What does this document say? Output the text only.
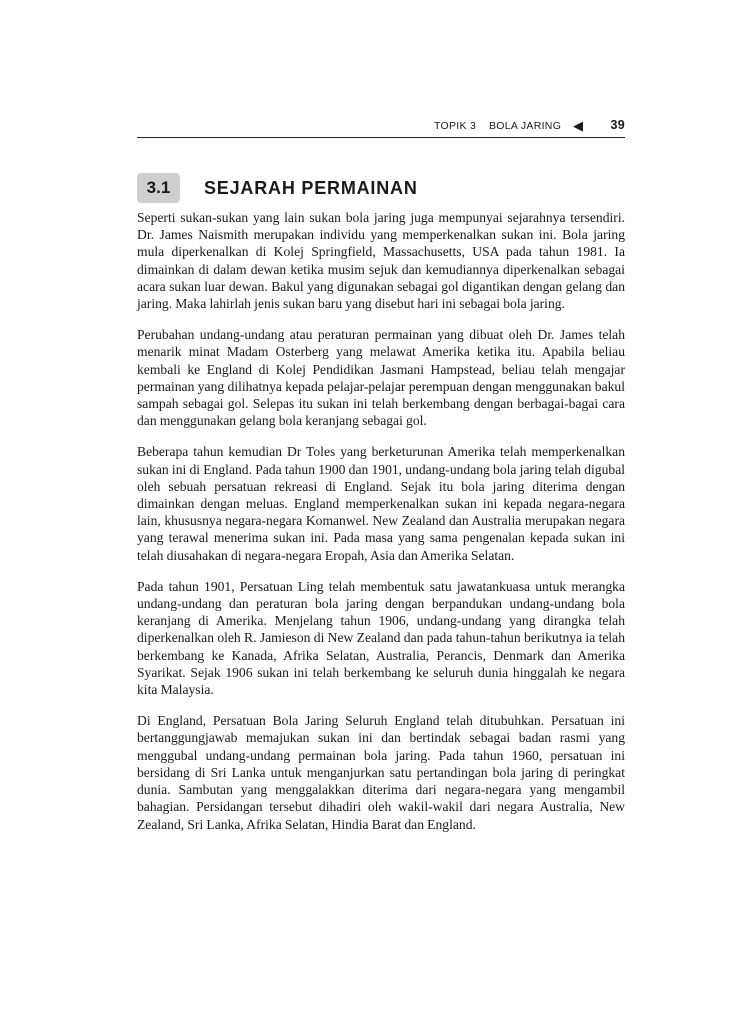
TOPIK 3 BOLA JARING ◀ 39
3.1	SEJARAH PERMAINAN

Seperti sukan-sukan yang lain sukan bola jaring juga mempunyai sejarahnya tersendiri. Dr. James Naismith merupakan individu yang memperkenalkan sukan ini. Bola jaring mula diperkenalkan di Kolej Springfield, Massachusetts, USA pada tahun 1981. Ia dimainkan di dalam dewan ketika musim sejuk dan kemudiannya diperkenalkan sebagai acara sukan luar dewan. Bakul yang digunakan sebagai gol digantikan dengan gelang dan jaring. Maka lahirlah jenis sukan baru yang disebut hari ini sebagai bola jaring.

Perubahan undang-undang atau peraturan permainan yang dibuat oleh Dr. James telah menarik minat Madam Osterberg yang melawat Amerika ketika itu. Apabila beliau kembali ke England di Kolej Pendidikan Jasmani Hampstead, beliau telah mengajar permainan yang dilihatnya kepada pelajar-pelajar perempuan dengan menggunakan bakul sampah sebagai gol. Selepas itu sukan ini telah berkembang dengan berbagai-bagai cara dan menggunakan gelang bola keranjang sebagai gol.

Beberapa tahun kemudian Dr Toles yang berketurunan Amerika telah memperkenalkan sukan ini di England. Pada tahun 1900 dan 1901, undang-undang bola jaring telah digubal oleh sebuah persatuan rekreasi di England. Sejak itu bola jaring diterima dengan dimainkan dengan meluas. England memperkenalkan sukan ini kepada negara-negara lain, khususnya negara-negara Komanwel. New Zealand dan Australia merupakan negara yang terawal menerima sukan ini. Pada masa yang sama pengenalan kepada sukan ini telah diusahakan di negara-negara Eropah, Asia dan Amerika Selatan.

Pada tahun 1901, Persatuan Ling telah membentuk satu jawatankuasa untuk merangka undang-undang dan peraturan bola jaring dengan berpandukan undang-undang bola keranjang di Amerika. Menjelang tahun 1906, undang-undang yang dirangka telah diperkenalkan oleh R. Jamieson di New Zealand dan pada tahun-tahun berikutnya ia telah berkembang ke Kanada, Afrika Selatan, Australia, Perancis, Denmark dan Amerika Syarikat. Sejak 1906 sukan ini telah berkembang ke seluruh dunia hinggalah ke negara kita Malaysia.

Di England, Persatuan Bola Jaring Seluruh England telah ditubuhkan. Persatuan ini bertanggungjawab memajukan sukan ini dan bertindak sebagai badan rasmi yang menggubal undang-undang permainan bola jaring. Pada tahun 1960, persatuan ini bersidang di Sri Lanka untuk menganjurkan satu pertandingan bola jaring di peringkat dunia. Sambutan yang menggalakkan diterima dari negara-negara yang mengambil bahagian. Persidangan tersebut dihadiri oleh wakil-wakil dari negara Australia, New Zealand, Sri Lanka, Afrika Selatan, Hindia Barat dan England.
